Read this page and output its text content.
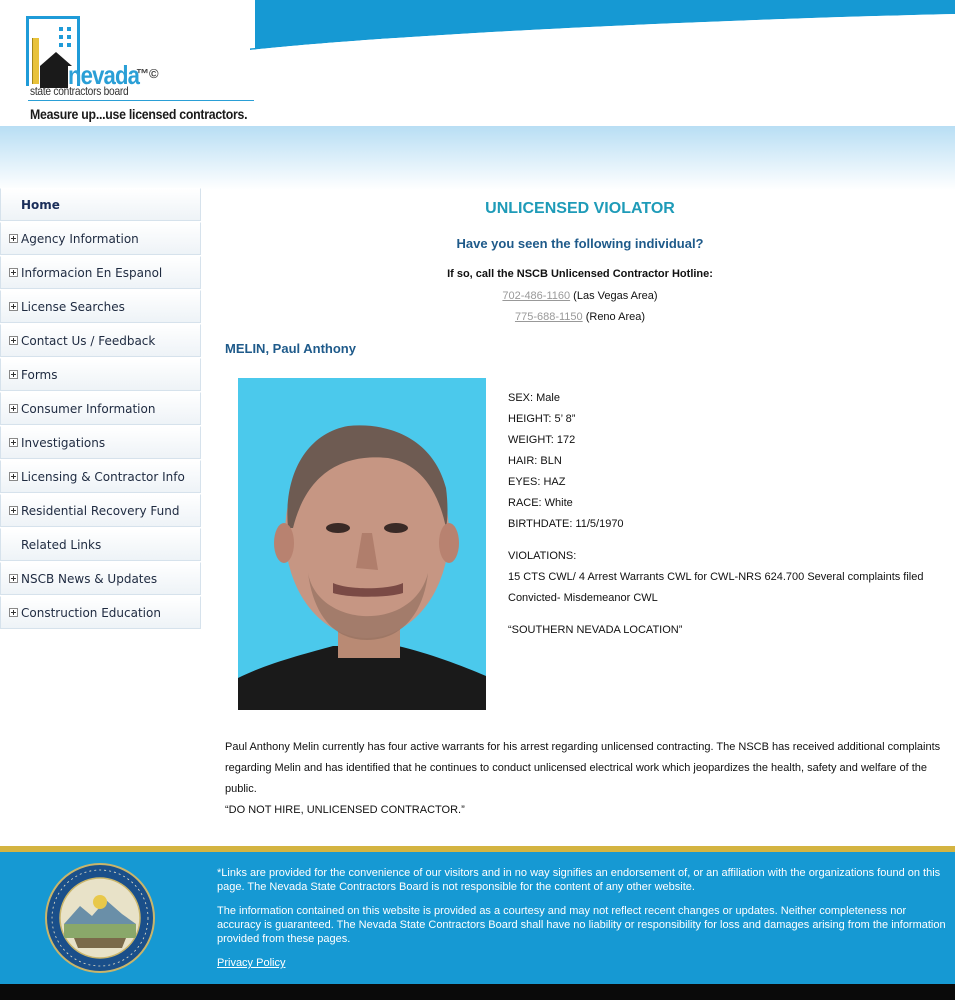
nevada
™©
state contractors board
Measure up...use licensed contractors.
Home
Agency Information
Informacion En Espanol
License Searches
Contact Us / Feedback
Forms
Consumer Information
Investigations
Licensing & Contractor Info
Residential Recovery Fund
Related Links
NSCB News & Updates
Construction Education
UNLICENSED VIOLATOR
Have you seen the following individual?
If so, call the NSCB Unlicensed Contractor Hotline:
702-486-1160 (Las Vegas Area)
775-688-1150 (Reno Area)
MELIN, Paul Anthony
SEX: Male
HEIGHT: 5’ 8”
WEIGHT: 172
HAIR: BLN
EYES: HAZ
RACE: White
BIRTHDATE: 11/5/1970
VIOLATIONS:
15 CTS CWL/ 4 Arrest Warrants CWL for CWL-NRS 624.700 Several complaints filed
Convicted- Misdemeanor CWL
“SOUTHERN NEVADA LOCATION”
Paul Anthony Melin currently has four active warrants for his arrest regarding unlicensed contracting. The NSCB has received additional complaints regarding Melin and has identified that he continues to conduct unlicensed electrical work which jeopardizes the health, safety and welfare of the public.
“DO NOT HIRE, UNLICENSED CONTRACTOR.”

*Links are provided for the convenience of our visitors and in no way signifies an endorsement of, or an affiliation with the organizations found on this page. The Nevada State Contractors Board is not responsible for the content of any other website.

The information contained on this website is provided as a courtesy and may not reflect recent changes or updates. Neither completeness nor accuracy is guaranteed. The Nevada State Contractors Board shall have no liability or responsibility for loss and damages arising from the information provided from these pages.

Privacy Policy
